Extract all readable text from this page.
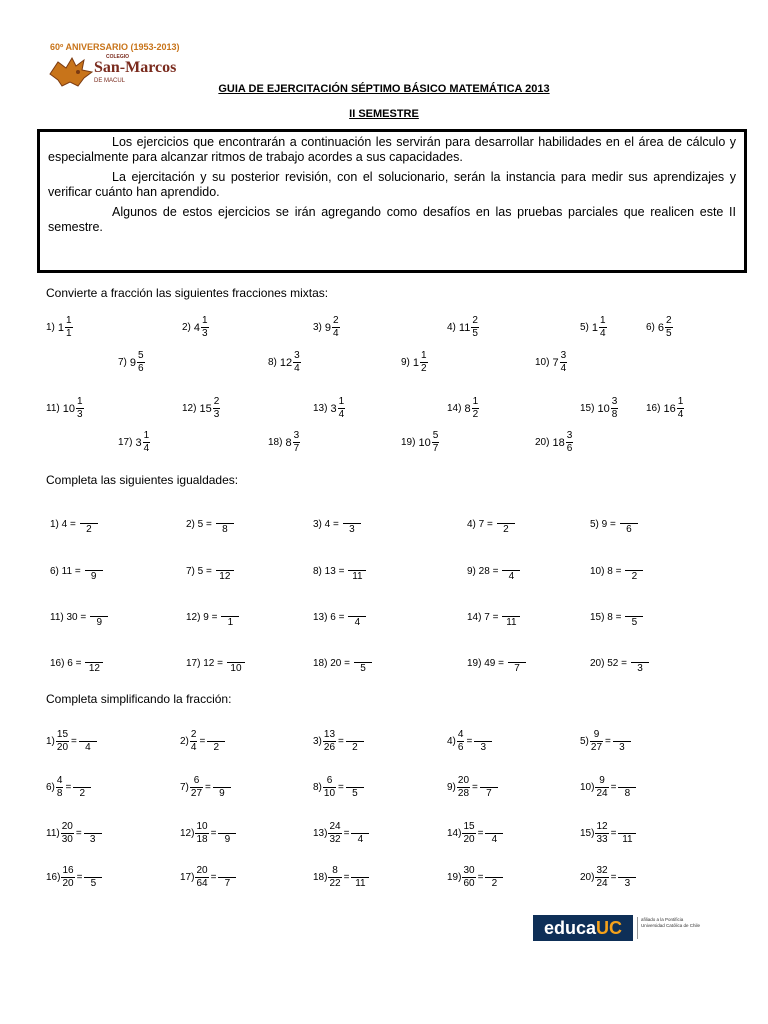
60º ANIVERSARIO (1953-2013)
COLEGIO
San-Marcos
DE MACUL
GUIA DE EJERCITACIÓN SÉPTIMO BÁSICO MATEMÁTICA 2013
II SEMESTRE

Los ejercicios que encontrarán a continuación les servirán para desarrollar habilidades en el área de cálculo y especialmente para alcanzar ritmos de trabajo acordes a sus capacidades.

La ejercitación y su posterior revisión, con el solucionario, serán la instancia para medir sus aprendizajes y verificar cuánto han aprendido.

Algunos de estos ejercicios se irán agregando como desafíos en las pruebas parciales que realicen este II semestre.

Convierte a fracción las siguientes fracciones mixtas:
1) $1 \frac{1}{1}$	2) $4 \frac{1}{3}$	3) $9 \frac{2}{4}$	4) $11 \frac{2}{5}$	5) $1 \frac{1}{4}$	6) $6 \frac{2}{5}$
7) $9 \frac{5}{6}$	8) $12 \frac{3}{4}$	9) $1 \frac{1}{2}$	10) $7 \frac{3}{4}$
11) $10 \frac{1}{3}$	12) $15 \frac{2}{3}$	13) $3 \frac{1}{4}$	14) $8 \frac{1}{2}$	15) $10 \frac{3}{8}$	16) $16 \frac{1}{4}$
17) $3 \frac{1}{4}$	18) $8 \frac{3}{7}$	19) $10 \frac{5}{7}$	20) $18 \frac{3}{6}$
Completa las siguientes igualdades:
1) 4 =	2	2) 5 =	8	3) 4 =	3	4) 7 =	2	5) 9 =	6
6) 11 =	9	7) 5 = 12	8) 13 = 11	9) 28 =	4	10) 8 =	2
11) 30 =	9	12) 9 =	1	13) 6 =	4	14) 7 = 11	15) 8 =	5
16) 6 = 12	17) 12 = 10	18) 20 =	5	19) 49 =	7	20) 52 =	3
Completa simplificando la fracción:
$1) \frac{15}{20} = 4$	$2) \frac{2}{4} = 2$	$3) \frac{13}{26} = 2$	$4) \frac{4}{6} = 3$	$5) \frac{9}{27} = 3$
$6) \frac{4}{8} = 2$	$7) \frac{6}{27} = 9$	$8) \frac{6}{10} = 5$	$9) \frac{20}{28} = 7$	$10) \frac{9}{24} = 8$
$11) \frac{20}{30} = 3$	$12) \frac{10}{18} = 9$	$13) \frac{24}{32} = 4$	$14) \frac{15}{20} = 4$	$15) \frac{12}{33} = 11$
$16) \frac{16}{20} = 5$	$17) \frac{20}{64} = 7$	$18) \frac{8}{22} = 11$	$19) \frac{30}{60} = 2$	$20) \frac{32}{24} = 3$
educaUC	afiliado a la Pontificia Universidad Católica de Chile
